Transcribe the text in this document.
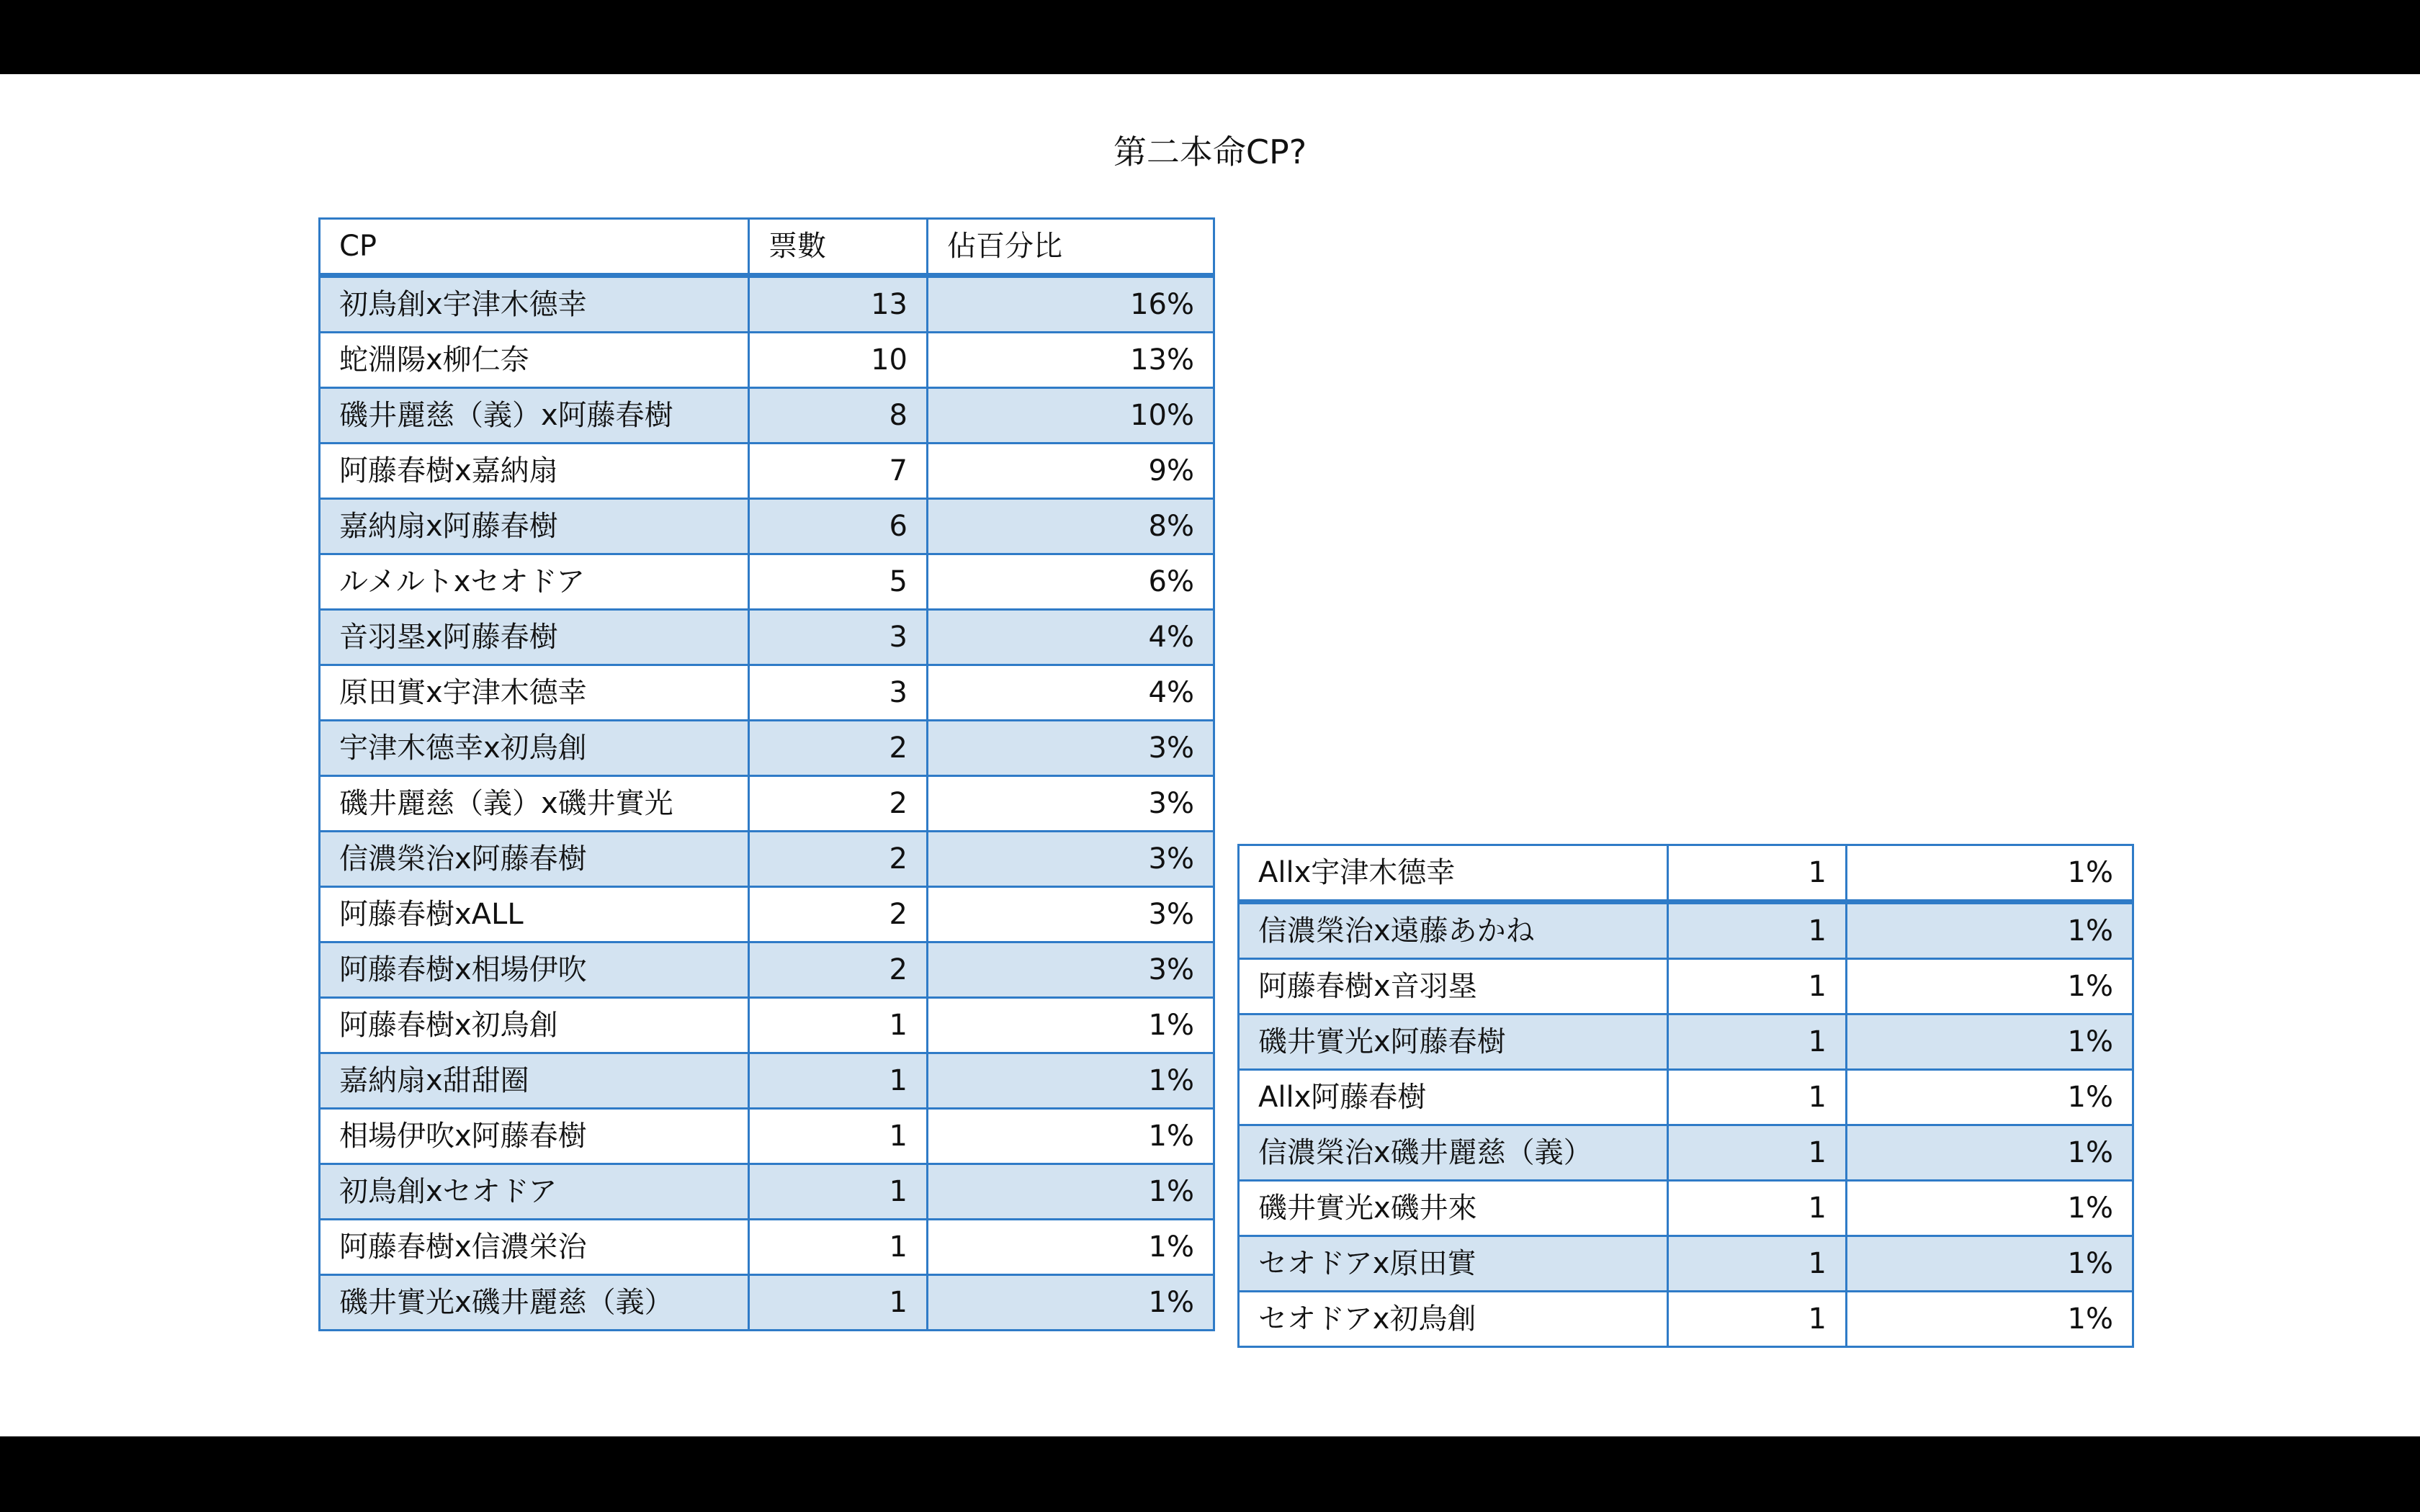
第二本命CP?
CP	票數	佔百分比
初鳥創x宇津木德幸	13	16%
蛇淵陽x柳仁奈	10	13%
磯井麗慈（義）x阿藤春樹	8	10%
阿藤春樹x嘉納扇	7	9%
嘉納扇x阿藤春樹	6	8%
ルメルトxセオドア	5	6%
音羽塁x阿藤春樹	3	4%
原田實x宇津木德幸	3	4%
宇津木德幸x初鳥創	2	3%
磯井麗慈（義）x磯井實光	2	3%
信濃榮治x阿藤春樹	2	3%
阿藤春樹xALL	2	3%
阿藤春樹x相場伊吹	2	3%
阿藤春樹x初鳥創	1	1%
嘉納扇x甜甜圈	1	1%
相場伊吹x阿藤春樹	1	1%
初鳥創xセオドア	1	1%
阿藤春樹x信濃栄治	1	1%
磯井實光x磯井麗慈（義）	1	1%
Allx宇津木德幸	1	1%
信濃榮治x遠藤あかね	1	1%
阿藤春樹x音羽塁	1	1%
磯井實光x阿藤春樹	1	1%
Allx阿藤春樹	1	1%
信濃榮治x磯井麗慈（義）	1	1%
磯井實光x磯井來	1	1%
セオドアx原田實	1	1%
セオドアx初鳥創	1	1%
